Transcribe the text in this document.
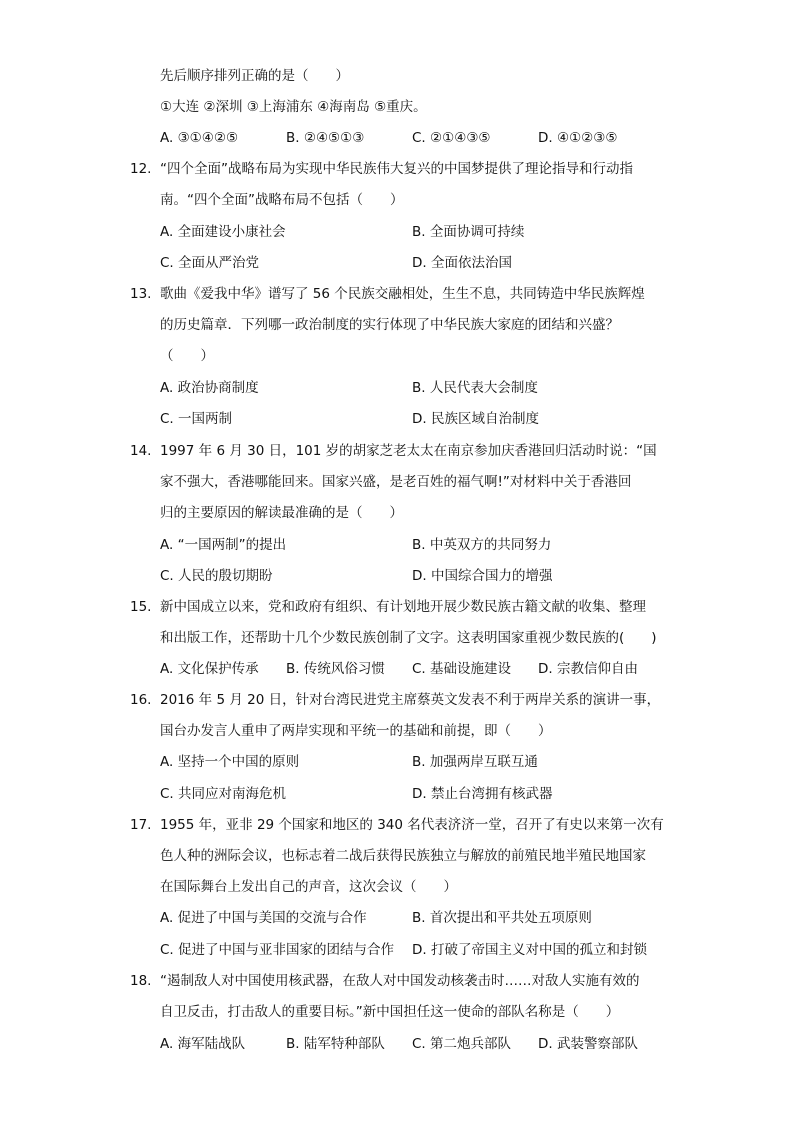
先后顺序排列正确的是（　　）
①大连 ②深圳 ③上海浦东 ④海南岛 ⑤重庆。
A. ③①④②⑤	B. ②④⑤①③	C. ②①④③⑤	D. ④①②③⑤
12. “四个全面”战略布局为实现中华民族伟大复兴的中国梦提供了理论指导和行动指
南。“四个全面”战略布局不包括（　　）
A. 全面建设小康社会	B. 全面协调可持续
C. 全面从严治党	D. 全面依法治国
13. 歌曲《爱我中华》谱写了 56 个民族交融相处，生生不息，共同铸造中华民族辉煌
的历史篇章．下列哪一政治制度的实行体现了中华民族大家庭的团结和兴盛？
（　　）
A. 政治协商制度	B. 人民代表大会制度
C. 一国两制	D. 民族区域自治制度
14. 1997 年 6 月 30 日，101 岁的胡家芝老太太在南京参加庆香港回归活动时说：“国
家不强大，香港哪能回来。国家兴盛，是老百姓的福气啊!”对材料中关于香港回
归的主要原因的解读最准确的是（　　）
A. “一国两制”的提出	B. 中英双方的共同努力
C. 人民的殷切期盼	D. 中国综合国力的增强
15. 新中国成立以来，党和政府有组织、有计划地开展少数民族古籍文献的收集、整理
和出版工作，还帮助十几个少数民族创制了文字。这表明国家重视少数民族的(　　)
A. 文化保护传承 B. 传统风俗习惯 C. 基础设施建设 D. 宗教信仰自由
16. 2016 年 5 月 20 日，针对台湾民进党主席蔡英文发表不利于两岸关系的演讲一事，
国台办发言人重申了两岸实现和平统一的基础和前提，即（　　）
A. 坚持一个中国的原则	B. 加强两岸互联互通
C. 共同应对南海危机	D. 禁止台湾拥有核武器
17. 1955 年，亚非 29 个国家和地区的 340 名代表济济一堂，召开了有史以来第一次有
色人种的洲际会议，也标志着二战后获得民族独立与解放的前殖民地半殖民地国家
在国际舞台上发出自己的声音，这次会议（　　）
A. 促进了中国与美国的交流与合作	B. 首次提出和平共处五项原则
C. 促进了中国与亚非国家的团结与合作 D. 打破了帝国主义对中国的孤立和封锁
18. “遏制敌人对中国使用核武器，在敌人对中国发动核袭击时……对敌人实施有效的
自卫反击，打击敌人的重要目标。”新中国担任这一使命的部队名称是（　　）
A. 海军陆战队	B. 陆军特种部队 C. 第二炮兵部队 D. 武装警察部队
